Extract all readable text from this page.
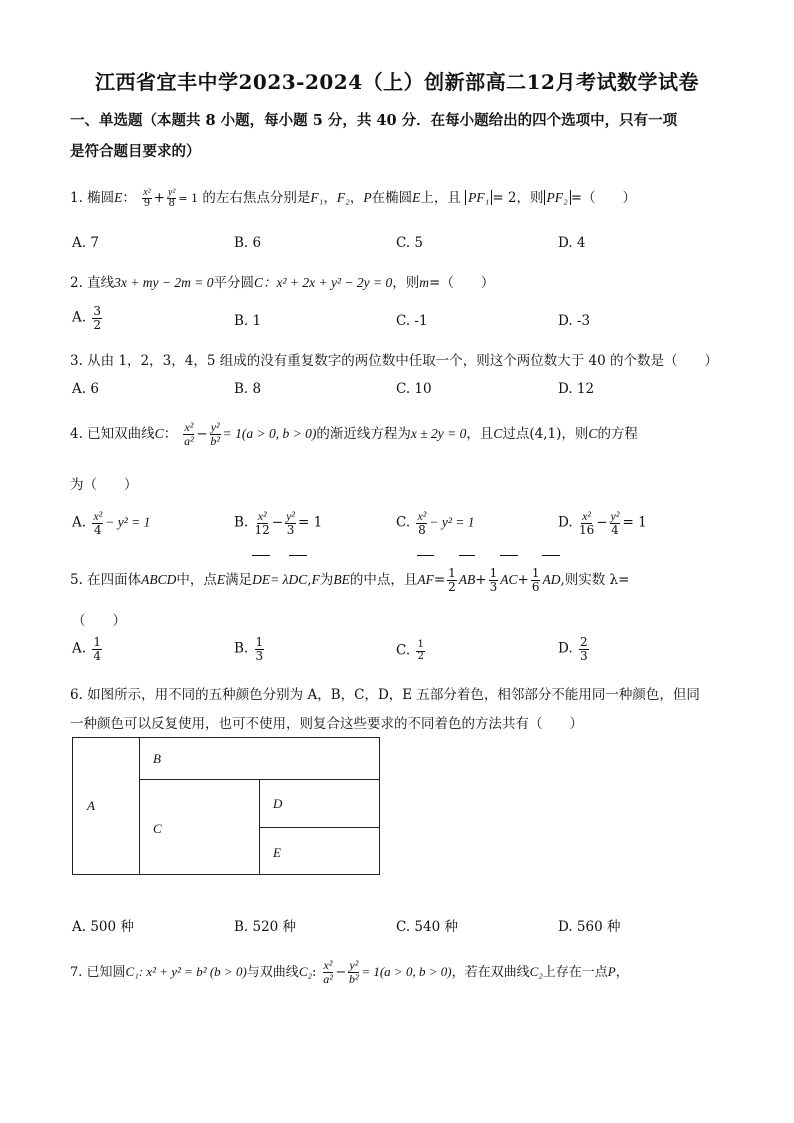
江西省宜丰中学2023-2024（上）创新部高二12月考试数学试卷
一、单选题（本题共 8 小题，每小题 5 分，共 40 分．在每小题给出的四个选项中，只有一项
是符合题目要求的）
1. 椭圆E： $\frac{\text{x²}}{9} + \frac{\text{y²}}{8} = 1$ 的左右焦点分别是F₁，F₂，P在椭圆E上，且 PF₁ = 2，则 PF₂ =（　　）
A. 7	B. 6	C. 5	D. 4
2. 直线3x + my − 2m = 0平分圆C：x² + 2x + y² − 2y = 0，则m=（　　）
A. $\frac{3}{2}$	B. 1	C. -1	D. -3
3. 从由 1，2，3，4，5 组成的没有重复数字的两位数中任取一个，则这个两位数大于 40 的个数是（　　）
A. 6	B. 8	C. 10	D. 12
4. 已知双曲线C： $\frac{\text{x²}}{\text{a²}} - \frac{\text{y²}}{\text{b²}} = 1(a > 0$, b > 0)的渐近线方程为x ± 2y = 0，且C过点(4,1)，则C的方程
为（　　）
A. $\frac{\text{x²}}{4} - y^2 = 1$	B. $\frac{\text{x²}}{12} - \frac{\text{y²}}{3} = 1$	C. $\frac{\text{x²}}{8} - y^2 = 1$	D. $\frac{\text{x²}}{16} - \frac{\text{y²}}{4} = 1$
5. 在四面体ABCD中，点E满足DE= λDC,F为BE的中点，且$AF= \frac{1}{2} AB+ \frac{1}{3} AC+ \frac{1}{6}$ AD,则实数 λ=
（　　）
A. $\frac{1}{4}$	B. $\frac{1}{3}$	C. $\frac{1}{2}$	D. $\frac{2}{3}$
6. 如图所示，用不同的五种颜色分别为 A，B，C，D，E 五部分着色，相邻部分不能用同一种颜色，但同
一种颜色可以反复使用，也可不使用，则复合这些要求的不同着色的方法共有（　　）
A
B
C
D
E
A. 500 种	B. 520 种	C. 540 种	D. 560 种
7. 已知圆C₁: x² + y² = b² (b > 0)与双曲线C₂: $\frac{\text{x²}}{\text{a²}} - \frac{\text{y²}}{\text{b²}} = 1(a > 0$, b > 0)，若在双曲线C₂上存在一点P，
